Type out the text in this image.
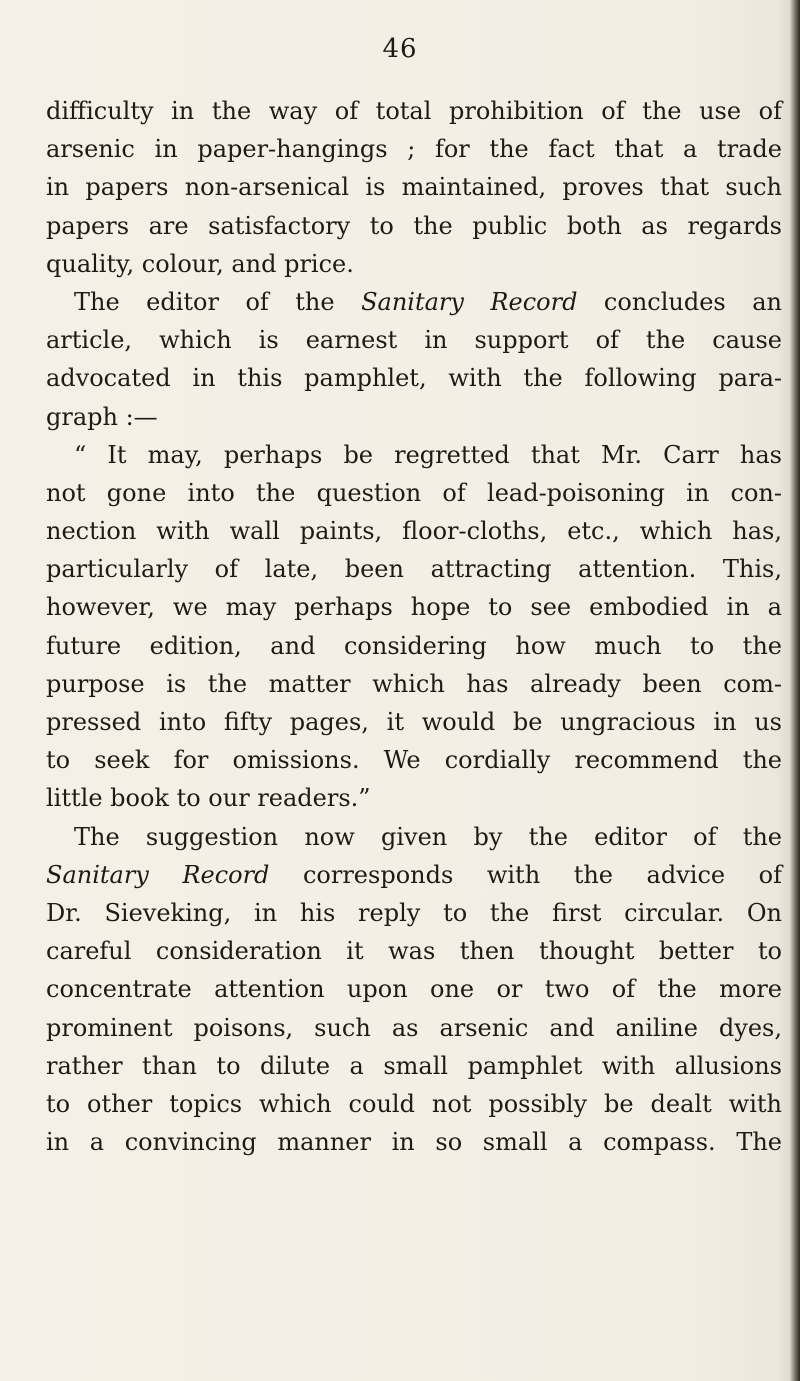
46
difficulty in the way of total prohibition of the use of
arsenic in paper-hangings ; for the fact that a trade
in papers non-arsenical is maintained, proves that such
papers are satisfactory to the public both as regards
quality, colour, and price.
The editor of the Sanitary Record concludes an
article, which is earnest in support of the cause
advocated in this pamphlet, with the following para-
graph :—
“ It may, perhaps be regretted that Mr. Carr has
not gone into the question of lead-poisoning in con-
nection with wall paints, floor-cloths, etc., which has,
particularly of late, been attracting attention. This,
however, we may perhaps hope to see embodied in a
future edition, and considering how much to the
purpose is the matter which has already been com-
pressed into fifty pages, it would be ungracious in us
to seek for omissions. We cordially recommend the
little book to our readers.”
The suggestion now given by the editor of the
Sanitary Record corresponds with the advice of
Dr. Sieveking, in his reply to the first circular. On
careful consideration it was then thought better to
concentrate attention upon one or two of the more
prominent poisons, such as arsenic and aniline dyes,
rather than to dilute a small pamphlet with allusions
to other topics which could not possibly be dealt with
in a convincing manner in so small a compass. The
